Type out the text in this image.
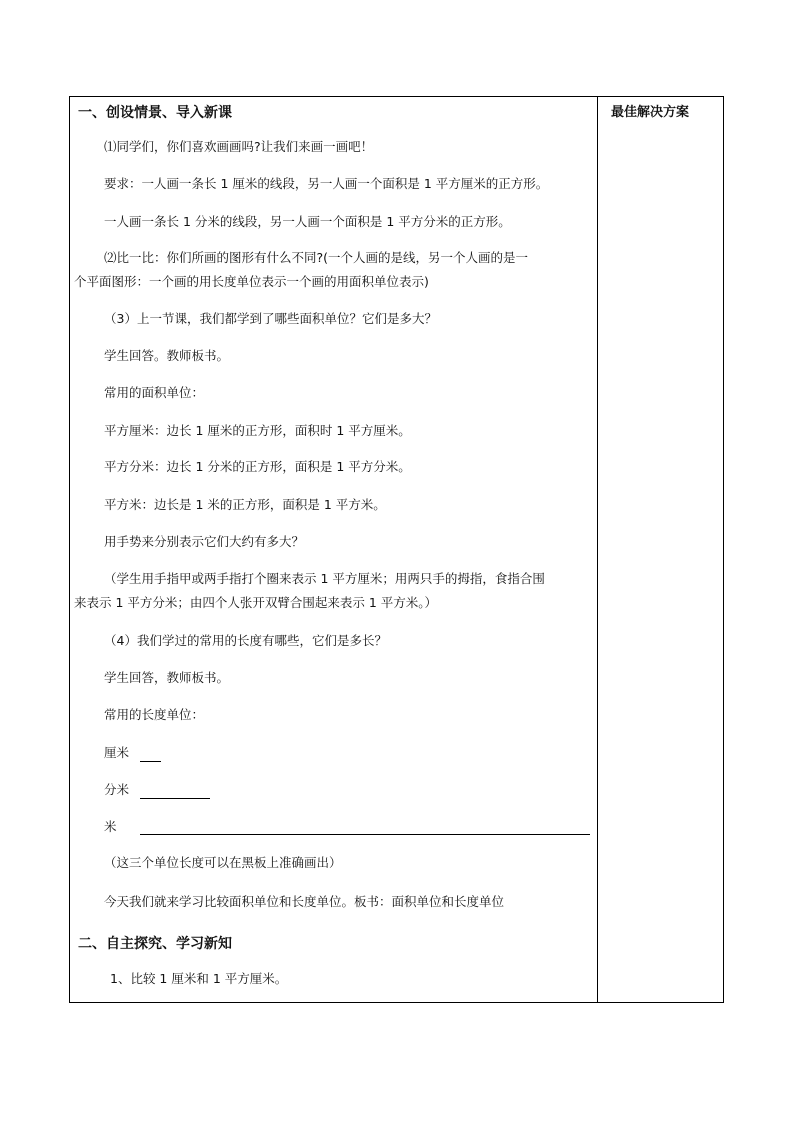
最佳解决方案
一、创设情景、导入新课
⑴同学们，你们喜欢画画吗?让我们来画一画吧！
要求：一人画一条长 1 厘米的线段，另一人画一个面积是 1 平方厘米的正方形。
一人画一条长 1 分米的线段，另一人画一个面积是 1 平方分米的正方形。
⑵比一比：你们所画的图形有什么不同?(一个人画的是线，另一个人画的是一
个平面图形：一个画的用长度单位表示一个画的用面积单位表示)
（3）上一节课，我们都学到了哪些面积单位？它们是多大？
学生回答。教师板书。
常用的面积单位：
平方厘米：边长 1 厘米的正方形，面积时 1 平方厘米。
平方分米：边长 1 分米的正方形，面积是 1 平方分米。
平方米：边长是 1 米的正方形，面积是 1 平方米。
用手势来分别表示它们大约有多大？
（学生用手指甲或两手指打个圈来表示 1 平方厘米；用两只手的拇指，食指合围
来表示 1 平方分米；由四个人张开双臂合围起来表示 1 平方米。）
（4）我们学过的常用的长度有哪些，它们是多长？
学生回答，教师板书。
常用的长度单位：
厘米
分米
米
（这三个单位长度可以在黑板上准确画出）
今天我们就来学习比较面积单位和长度单位。板书：面积单位和长度单位
二、自主探究、学习新知
1、比较 1 厘米和 1 平方厘米。
